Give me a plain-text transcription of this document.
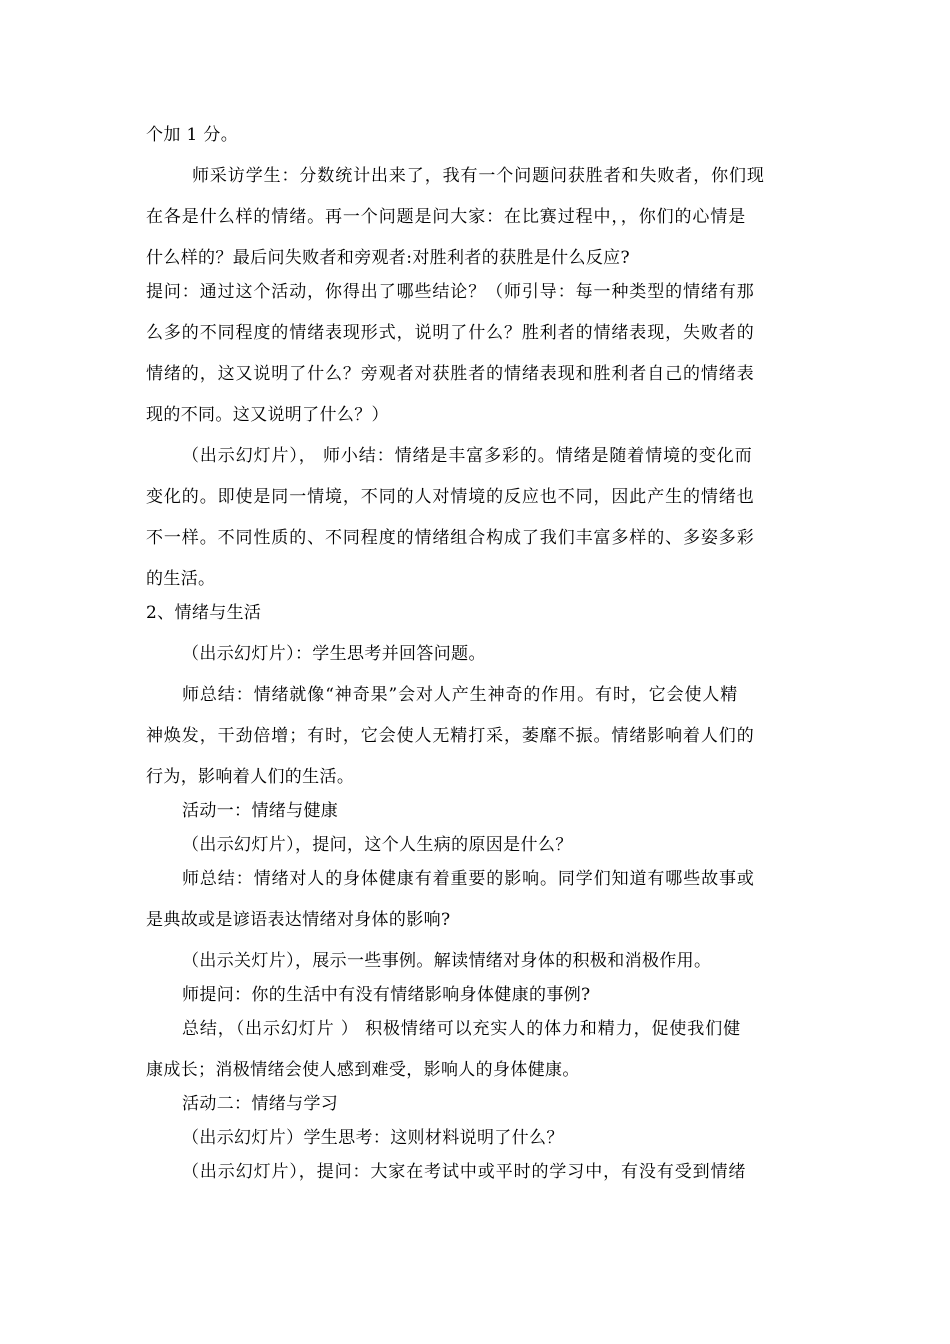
个加 1 分。
师采访学生：分数统计出来了，我有一个问题问获胜者和失败者，你们现
在各是什么样的情绪。再一个问题是问大家：在比赛过程中，，你们的心情是
什么样的？最后问失败者和旁观者:对胜利者的获胜是什么反应?
提问：通过这个活动，你得出了哪些结论？（师引导：每一种类型的情绪有那
么多的不同程度的情绪表现形式，说明了什么？胜利者的情绪表现，失败者的
情绪的，这又说明了什么？旁观者对获胜者的情绪表现和胜利者自己的情绪表
现的不同。这又说明了什么？）
（出示幻灯片）， 师小结：情绪是丰富多彩的。情绪是随着情境的变化而
变化的。即使是同一情境，不同的人对情境的反应也不同，因此产生的情绪也
不一样。不同性质的、不同程度的情绪组合构成了我们丰富多样的、多姿多彩
的生活。
2、情绪与生活
（出示幻灯片）：学生思考并回答问题。
师总结：情绪就像“神奇果”会对人产生神奇的作用。有时，它会使人精
神焕发，干劲倍增；有时，它会使人无精打采，萎靡不振。情绪影响着人们的
行为，影响着人们的生活。
活动一：情绪与健康
（出示幻灯片），提问，这个人生病的原因是什么？
师总结：情绪对人的身体健康有着重要的影响。同学们知道有哪些故事或
是典故或是谚语表达情绪对身体的影响?
（出示关灯片），展示一些事例。解读情绪对身体的积极和消极作用。
师提问：你的生活中有没有情绪影响身体健康的事例?
总结，（出示幻灯片 ） 积极情绪可以充实人的体力和精力，促使我们健
康成长；消极情绪会使人感到难受，影响人的身体健康。
活动二：情绪与学习
（出示幻灯片）学生思考：这则材料说明了什么？
（出示幻灯片），提问：大家在考试中或平时的学习中，有没有受到情绪
